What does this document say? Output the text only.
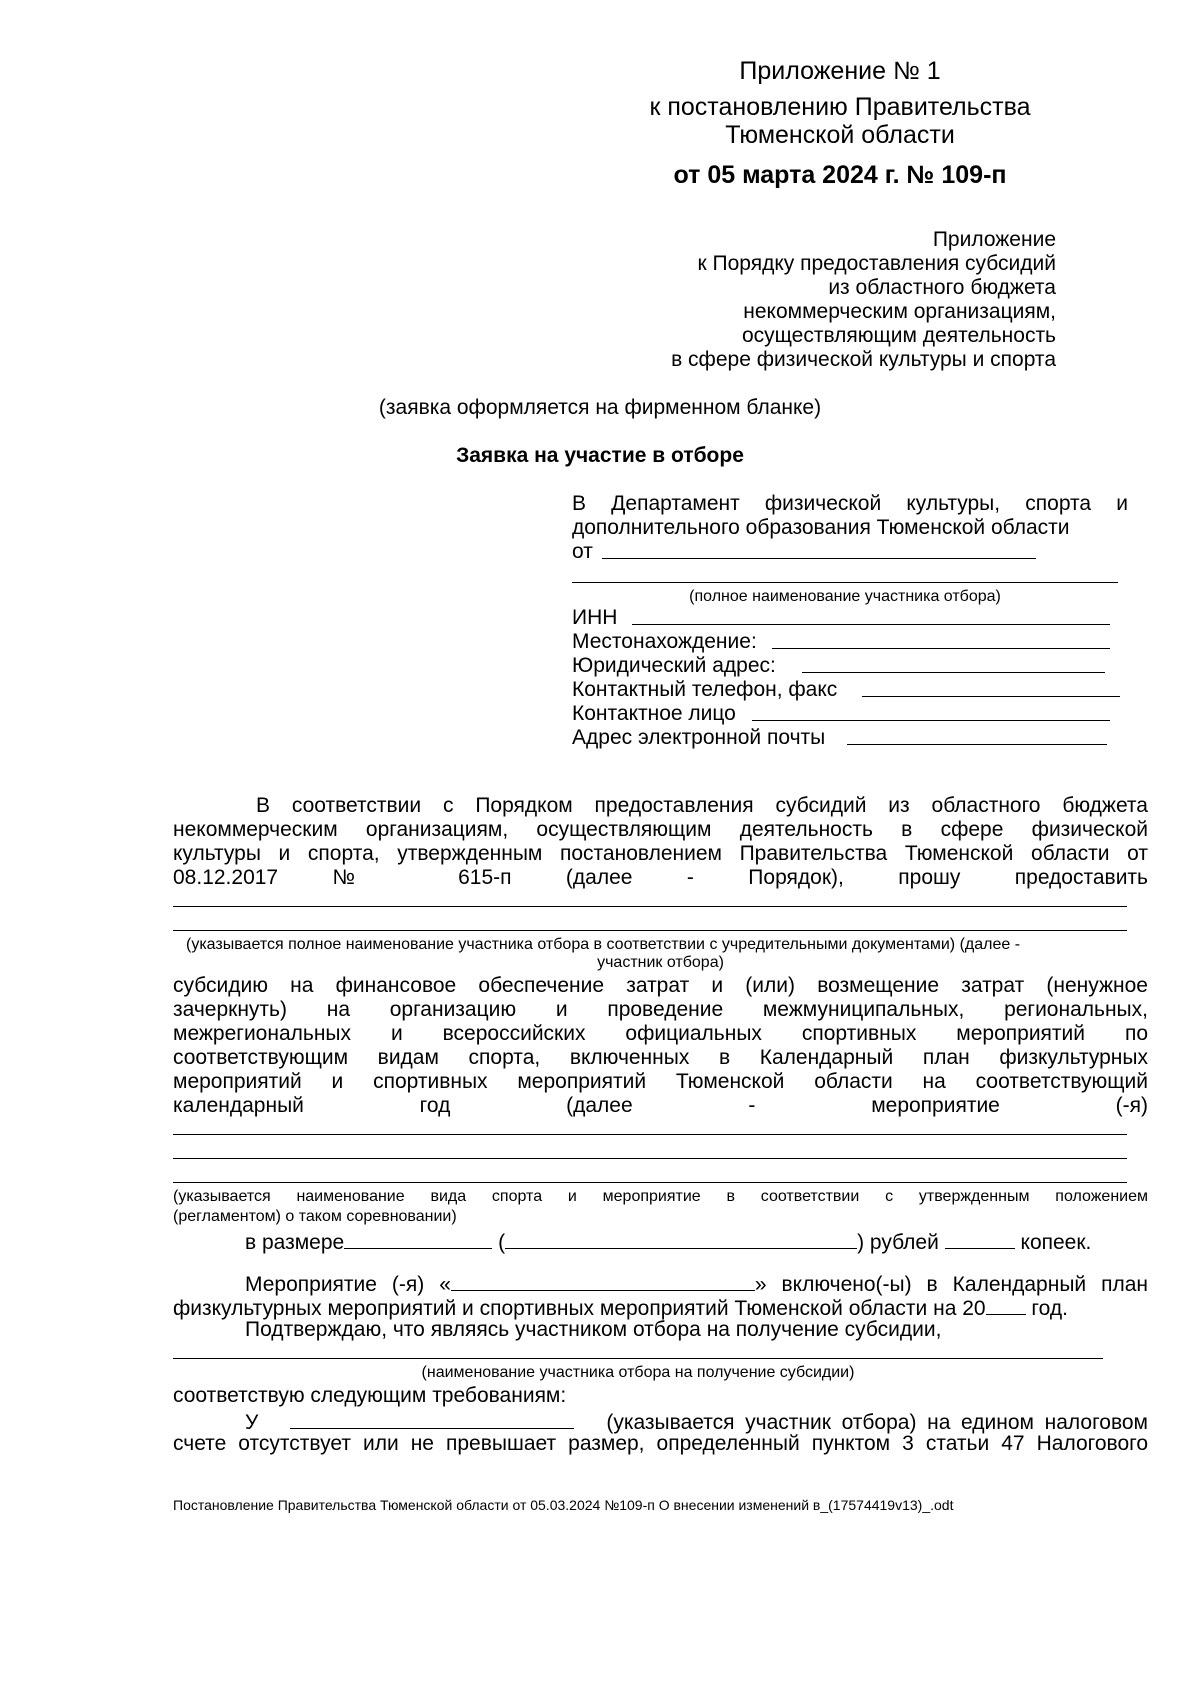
Приложение № 1
к постановлению Правительства
Тюменской области
от 05 марта 2024 г. № 109-п
Приложение
к Порядку предоставления субсидий
из областного бюджета
некоммерческим организациям,
осуществляющим деятельность
в сфере физической культуры и спорта
(заявка оформляется на фирменном бланке)
Заявка на участие в отборе
В Департамент физической культуры, спорта и
дополнительного образования Тюменской области
от
(полное наименование участника отбора)
ИНН
Местонахождение:
Юридический адрес:
Контактный телефон, факс
Контактное лицо
Адрес электронной почты
В соответствии с Порядком предоставления субсидий из областного бюджета
некоммерческим организациям, осуществляющим деятельность в сфере физической
культуры и спорта, утвержденным постановлением Правительства Тюменской области от
08.12.2017 № 615-п (далее - Порядок), прошу предоставить
(указывается полное наименование участника отбора в соответствии с учредительными документами) (далее -
участник отбора)
субсидию на финансовое обеспечение затрат и (или) возмещение затрат (ненужное
зачеркнуть) на организацию и проведение межмуниципальных, региональных,
межрегиональных и всероссийских официальных спортивных мероприятий по
соответствующим видам спорта, включенных в Календарный план физкультурных
мероприятий и спортивных мероприятий Тюменской области на соответствующий
календарный год (далее - мероприятие (-я)
(указывается наименование вида спорта и мероприятие в соответствии с утвержденным положением
(регламентом) о таком соревновании)
в размере	(	) рублей	копеек.
Мероприятие (-я) «	» включено(-ы) в Календарный план
физкультурных мероприятий и спортивных мероприятий Тюменской области на 20 год.
Подтверждаю, что являясь участником отбора на получение субсидии,
(наименование участника отбора на получение субсидии)
соответствую следующим требованиям:
У	(указывается участник отбора) на едином налоговом
счете отсутствует или не превышает размер, определенный пунктом 3 статьи 47 Налогового
Постановление Правительства Тюменской области от 05.03.2024 №109-п О внесении изменений в_(17574419v13)_.odt
